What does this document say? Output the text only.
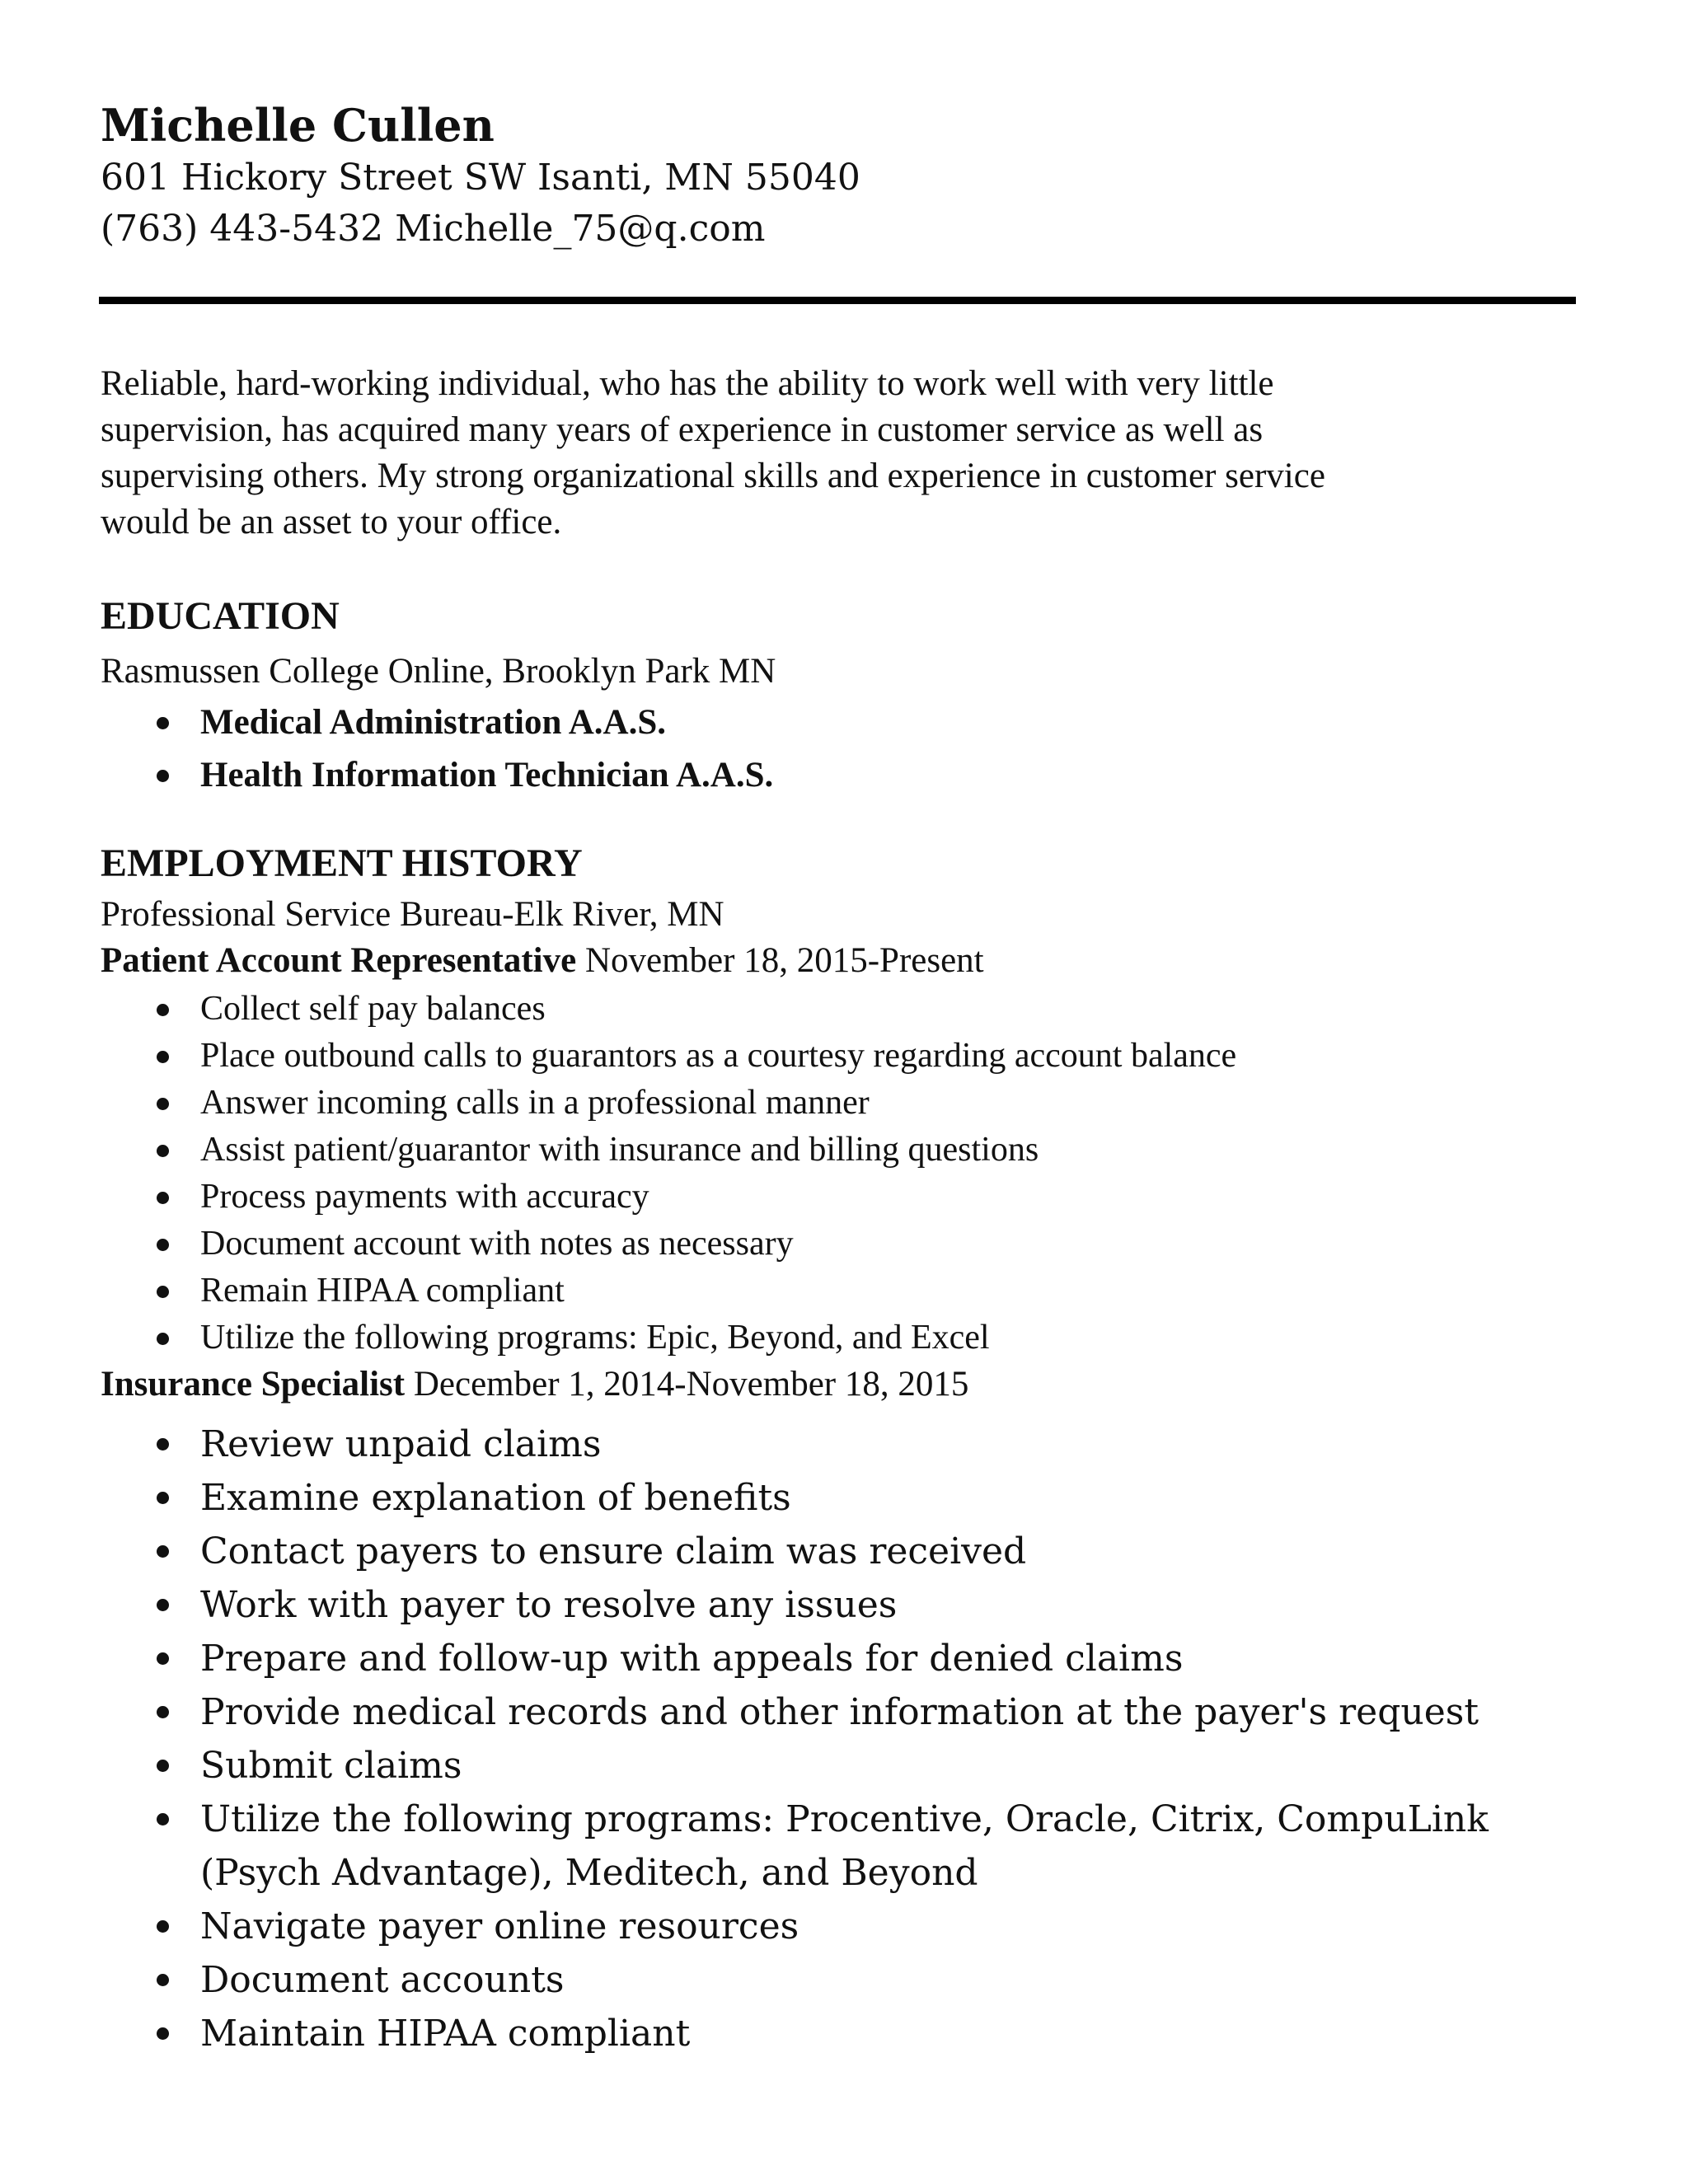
Michelle Cullen
601 Hickory Street SW Isanti, MN 55040
(763) 443-5432 Michelle_75@q.com
Reliable, hard-working individual, who has the ability to work well with very little
supervision, has acquired many years of experience in customer service as well as
supervising others. My strong organizational skills and experience in customer service
would be an asset to your office.
EDUCATION
Rasmussen College Online, Brooklyn Park MN
Medical Administration A.A.S.
Health Information Technician A.A.S.
EMPLOYMENT HISTORY
Professional Service Bureau-Elk River, MN
Patient Account Representative November 18, 2015-Present
Collect self pay balances
Place outbound calls to guarantors as a courtesy regarding account balance
Answer incoming calls in a professional manner
Assist patient/guarantor with insurance and billing questions
Process payments with accuracy
Document account with notes as necessary
Remain HIPAA compliant
Utilize the following programs: Epic, Beyond, and Excel
Insurance Specialist December 1, 2014-November 18, 2015
Review unpaid claims
Examine explanation of benefits
Contact payers to ensure claim was received
Work with payer to resolve any issues
Prepare and follow-up with appeals for denied claims
Provide medical records and other information at the payer's request
Submit claims
Utilize the following programs: Procentive, Oracle, Citrix, CompuLink
(Psych Advantage), Meditech, and Beyond
Navigate payer online resources
Document accounts
Maintain HIPAA compliant
